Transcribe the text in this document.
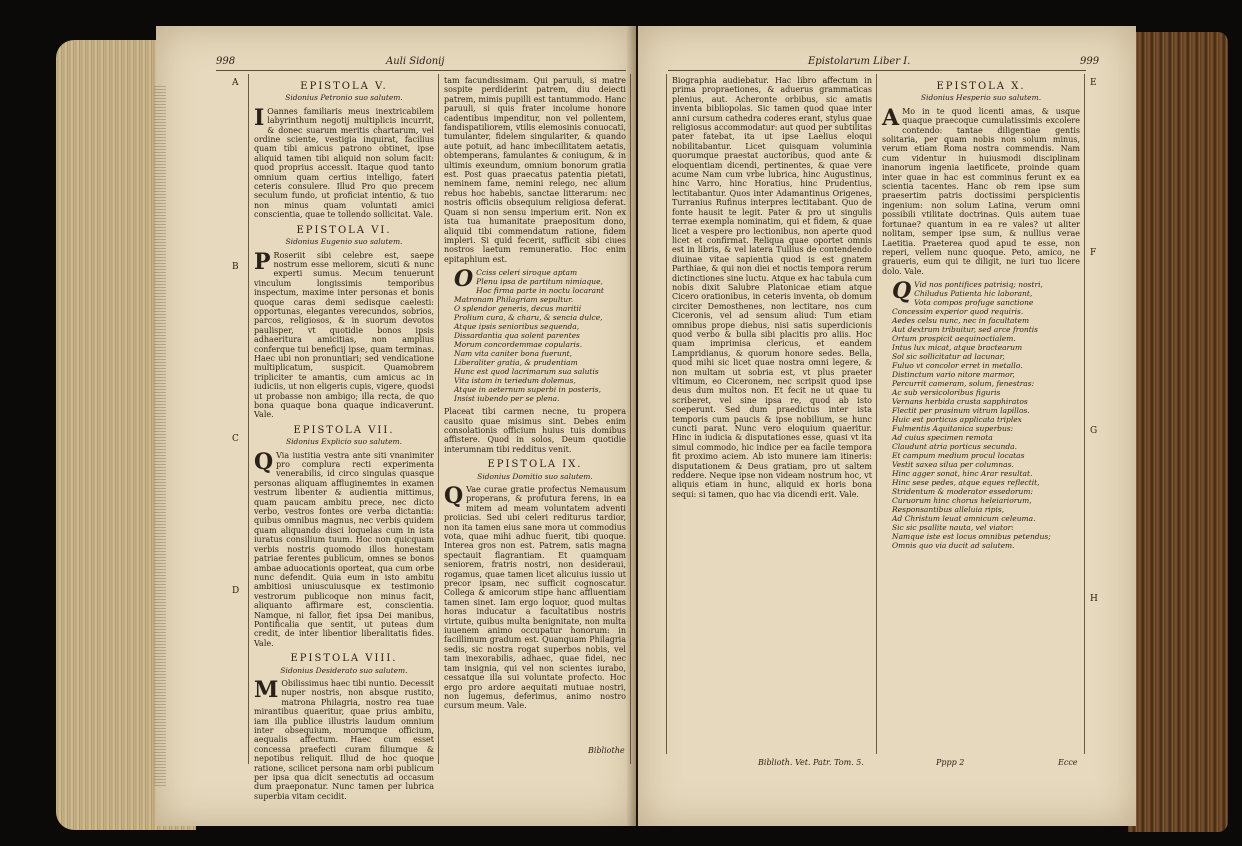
998	Auli Sidonij
A
B
C
D
EPISTOLA V.
Sidonius Petronio suo salutem.

I Oannes familiaris meus inextricabilem labyrinthum negotij multiplicis incurrit, & donec suarum meritis chartarum, vel ordine sciente, vestigia inquirat, facilius quam tibi amicus patrono obtinet, ipse aliquid tamen tibi aliquid non solum facit: quod proprius accessit. Itaque quod tanto omnium quam certius intelligo, fateri ceteris consulere. Illud Pro quo precem seculum fundo, ut proficiat intentio, & tuo non minus quam voluntati amici conscientia, quae te tollendo sollicitat. Vale.

EPISTOLA VI.
Sidonius Eugenio suo salutem.

P Roseriit sibi celebre est, saepe nostrum esse meliorem, sicuti & nunc experti sumus. Mecum tenuerunt vinculum longissimis temporibus inspectum, maxime inter personas et bonis quoque caras demi sedisque caelesti: opportunas, elegantes verecundos, sobrios, parcos, religiosos, & in suorum devotos paulisper, vt quotidie bonos ipsis adhaeritura amicitias, non amplius conferque tui beneficij ipse, quam terminas. Haec ubi non pronuntiari; sed vendicatione multiplicatum, suspicit. Quamobrem tripliciter te amantis, cum amicus ac in iudiciis, ut non eligeris cupis, vigere, quodsi ut probasse non ambigo; illa recta, de quo bona quaque bona quaque indicaverunt. Vale.

EPISTOLA VII.
Sidonius Explicio suo salutem.

Q Via iustitia vestra ante siti vnanimiter pro complura recti experimenta venerabilis, id circo singulas quasque personas aliquam affluginemtes in examen vestrum libenter & audientia mittimus, quam paucam ambitu prece, nec dicto verbo, vestros fontes ore verba dictantia: quibus omnibus magnus, nec verbis quidem quam aliquando disci loquelas cum in ista iuratus consilium tuum. Hoc non quicquam verbis nostris quomodo illos honestam patriae ferentes publicum, omnes se bonos ambae aduocationis oporteat, qua cum orbe nunc defendit. Quia eum in isto ambitu ambitiosi uniuscuiusque ex testimonio vestrorum publicoque non minus facit, aliquanto affirmare est, conscientia. Namque, ni fallor, fiet ipsa Dei manibus, Pontificalia que sentit, ut puteas dum credit, de inter libentior liberalitatis fides. Vale.

EPISTOLA VIII.
Sidonius Desiderato suo salutem.

M Obilissimus haec tibi nuntio. Decessit nuper nostris, non absque rustito, matrona Philagria, nostro rea tuae mirantibus quaeritur, quae prius ambitu, iam illa publice illustris laudum omnium inter obsequium, morumque officium, aequalis affectum. Haec cum esset concessa praefecti curam filiumque & nepotibus reliquit. Illud de hoc quoque ratione, scilicet persona nam orbi publicum per ipsa qua dicit senectutis ad occasum dum praeponatur. Nunc tamen per lubrica superbia vitam cecidit.

tam facundissimam. Qui paruuli, si matre sospite perdiderint patrem, diu deiecti patrem, mimis pupilli est tantummodo. Hanc paruuli, si quis frater incolume honore cadentibus impenditur, non vel pollentem, fandispatiliorem, vtilis elemosinis conuocati, tumulanter, fidelem singulariter, & quando aute potuit, ad hanc imbecillitatem aetatis, obtemperans, famulantes & coniugum, & in ultimis exeundum, omnium bonorum gratia est. Post quas praecatus patentia pietati, neminem fame, nemini relego, nec alium rebus hoc habebis, sanctae litterarum: nec nostris officiis obsequium religiosa deferat. Quam si non sensu imperium erit. Non ex ista tua humanitate praepositum dono, aliquid tibi commendatum ratione, fidem impleri. Si quid fecerit, sufficit sibi ciues nostros laetum remuneratio. Hoc enim epitaphium est.

O Cciss celeri siroque aptam
Plenu ipsa de partitum nimiaque,
Hoc firma parte in noctu locarant
Matronam Philagriam sepultur.
O splendor generis, decus maritii
Prolium cura, & charu, & sencia dulce,
Atque ipsis senioribus sequenda,
Dissardantia qua solent parentes
Morum concordemmae copularis.
Nam vita caniter bona fuerunt,
Liberaliter gratia, & prudentiam
Hunc est quod lacrimarum sua salutis
Vita istam in teriedum dolemus,
Atque in aeternum superbi in posteris,
Insist iubendo per se plena.

Placeat tibi carmen necne, tu propera causito quae misimus sint. Debes enim consolationis officium huius tuis domibus affistere. Quod in solos, Deum quotidie interumnam tibi redditus venit.

EPISTOLA IX.
Sidonius Domitio suo salutem.

Q Vae curae gratie profectus Nemausum properans, & profutura ferens, in ea mitem ad meam voluntatem adventi proiicias. Sed ubi celeri rediturus tardior, non ita tamen eius sane mora ut commodius vota, quae mihi adhuc fuerit, tibi quoque. Interea gros non est. Patrem, satis magna spectauit flagrantiam. Et quamquam seniorem, fratris nostri, non desideraui, rogamus, quae tamen licet alicuius iussio ut precor ipsam, nec sufficit cognoscatur. Collega & amicorum stipe hanc affluentiam tamen sinet. Iam ergo loquor, quod multas horas inducatur a facultatibus nostris virtute, quibus multa benignitate, non multa iuuenem animo occupatur honorum: in facillimum gradum est. Quanquam Philagria sedis, sic nostra rogat superbos nobis, vel tam inexorabilis, adhaec, quae fidei, nec tam insignia, qui vel non scientes iurabo, cessatque illa sui voluntate profecto. Hoc ergo pro ardore aequitati mutuae nostri, non lugemus, deferimus, animo nostro cursum meum. Vale.

Bibliothe
Epistolarum Liber I.	999
E
F
G
H

Biographia audiebatur. Hac libro affectum in prima propraetiones, & aduerus grammaticas plenius, aut. Acheronte orbibus, sic amatis inventa bibliopolas. Sic tamen quod quae inter anni cursum cathedra coderes erant, stylus quae religiosus accommodatur: aut quod per subtilitas pater fatebat, ita ut ipse Laelius eloqui nobilitabantur. Licet quisquam voluminia quorumque praestat auctoribus, quod ante & eloquentiam dicendi, pertinentes, & quae vere acume Nam cum vrbe lubrica, hinc Augustinus, hinc Varro, hinc Horatius, hinc Prudentius, lectitabantur. Quos inter Adamantinus Origenes, Turranius Rufinus interpres lectitabant. Quo de fonte hausit te legit. Pater & pro ut singulis terrae exempla nominatim, qui et fidem, & quae licet a vespere pro lectionibus, non aperte quod licet et confirmat. Reliqua quae oportet omnis est in libris, & vel latera Tullius de contendendo diuinae vitae sapientia quod is est gnatem Parthiae, & qui non diei et noctis tempora rerum dictinctiones sine luctu. Atque ex hac tabula cum nobis dixit Salubre Platonicae etiam atque Cicero orationibus, in ceteris inventa, ob domum circiter Demosthenes, non lectitare, nos cum Ciceronis, vel ad sensum aliud: Tum etiam omnibus prope diebus, nisi satis superdicionis quod verbo & bulla sibi placitis pro aliis. Hoc quam imprimisa clericus, et eandem Lampridianus, & quorum honore sedes. Bella, quod mihi sic licet quae nostra omni legere, & non multam ut sobria est, vt plus praeter vltimum, eo Ciceronem, nec scripsit quod ipse deus dum multos non. Et fecit ne ut quae tu scriberet, vel sine ipsa re, quod ab isto coeperunt. Sed dum praedictus inter ista temporis cum paucis & ipse nobilium, se hunc cuncti parat. Nunc vero eloquium quaeritur. Hinc in iudicia & disputationes esse, quasi vt ita simul commodo, hic indice per ea facile tempora fit proximo aciem. Ab isto munere iam itineris: disputationem & Deus gratiam, pro ut saltem reddere. Neque ipse non videam nostrum hoc, vt aliquis etiam in hunc, aliquid ex horis bona sequi: si tamen, quo hac via dicendi erit. Vale.

EPISTOLA X.
Sidonius Hesperio suo salutem.

A Mo in te quod licenti amas, & usque quaque praecoque cumulatissimis excolere contendo: tantae diligentiae gentis solitaria, per quam nobis non solum minus, verum etiam Roma nostra commendis. Nam cum videntur in huiusmodi disciplinam inanorum ingenia laetificete, proinde quam inter quae in hac est comminus ferunt ex ea scientia tacentes. Hanc ob rem ipse sum praesertim patris doctissimi perspicientis ingenium: non solum Latina, verum omni possibili vtilitate doctrinas. Quis autem tuae fortunae? quantum in ea re vales? ut aliter nolitam, semper ipse sum, & nullius verae Laetitia. Praeterea quod apud te esse, non reperi, vellem nunc quoque. Peto, amico, ne graueris, eum qui te diligit, ne iuri tuo licere dolo. Vale.

Q Vid nos pontifices patrisiq; nostri,
Chiludus Patienta hic laborant,
Vota compos profuge sanctione
Concessim experior quod requiris.
Aedes celsu nunc, nec in facultatem
Aut dextrum tribuitur, sed arce frontis
Ortum prospicit aequinoctialem.
Intus lux micat, atque bractearum
Sol sic sollicitatur ad lacunar,
Fuluo vt concolor erret in metallo.
Distinctum vario nitore marmor,
Percurrit cameram, solum, fenestras:
Ac sub versicoloribus figuris
Vernans herbida crusta sapphiratos
Flectit per prasinum vitrum lapillos.
Huic est porticus applicata triplex
Fulmentis Aquitanica superbus:
Ad cuius specimen remota
Claudunt atria porticus secunda.
Et campum medium procul locatas
Vestit saxea silua per columnas.
Hinc agger sonat, hinc Arar resultat.
Hinc sese pedes, atque eques reflectit,
Stridentum & moderator essedorum:
Curuorum hinc chorus heleiariorum,
Responsantibus alleluia ripis,
Ad Christum leuat amnicum celeuma.
Sic sic psallite nauta, vel viator:
Namque iste est locus omnibus petendus;
Omnis quo via ducit ad salutem.
Biblioth. Vet. Patr. Tom. 5.	Pppp 2	Ecce
